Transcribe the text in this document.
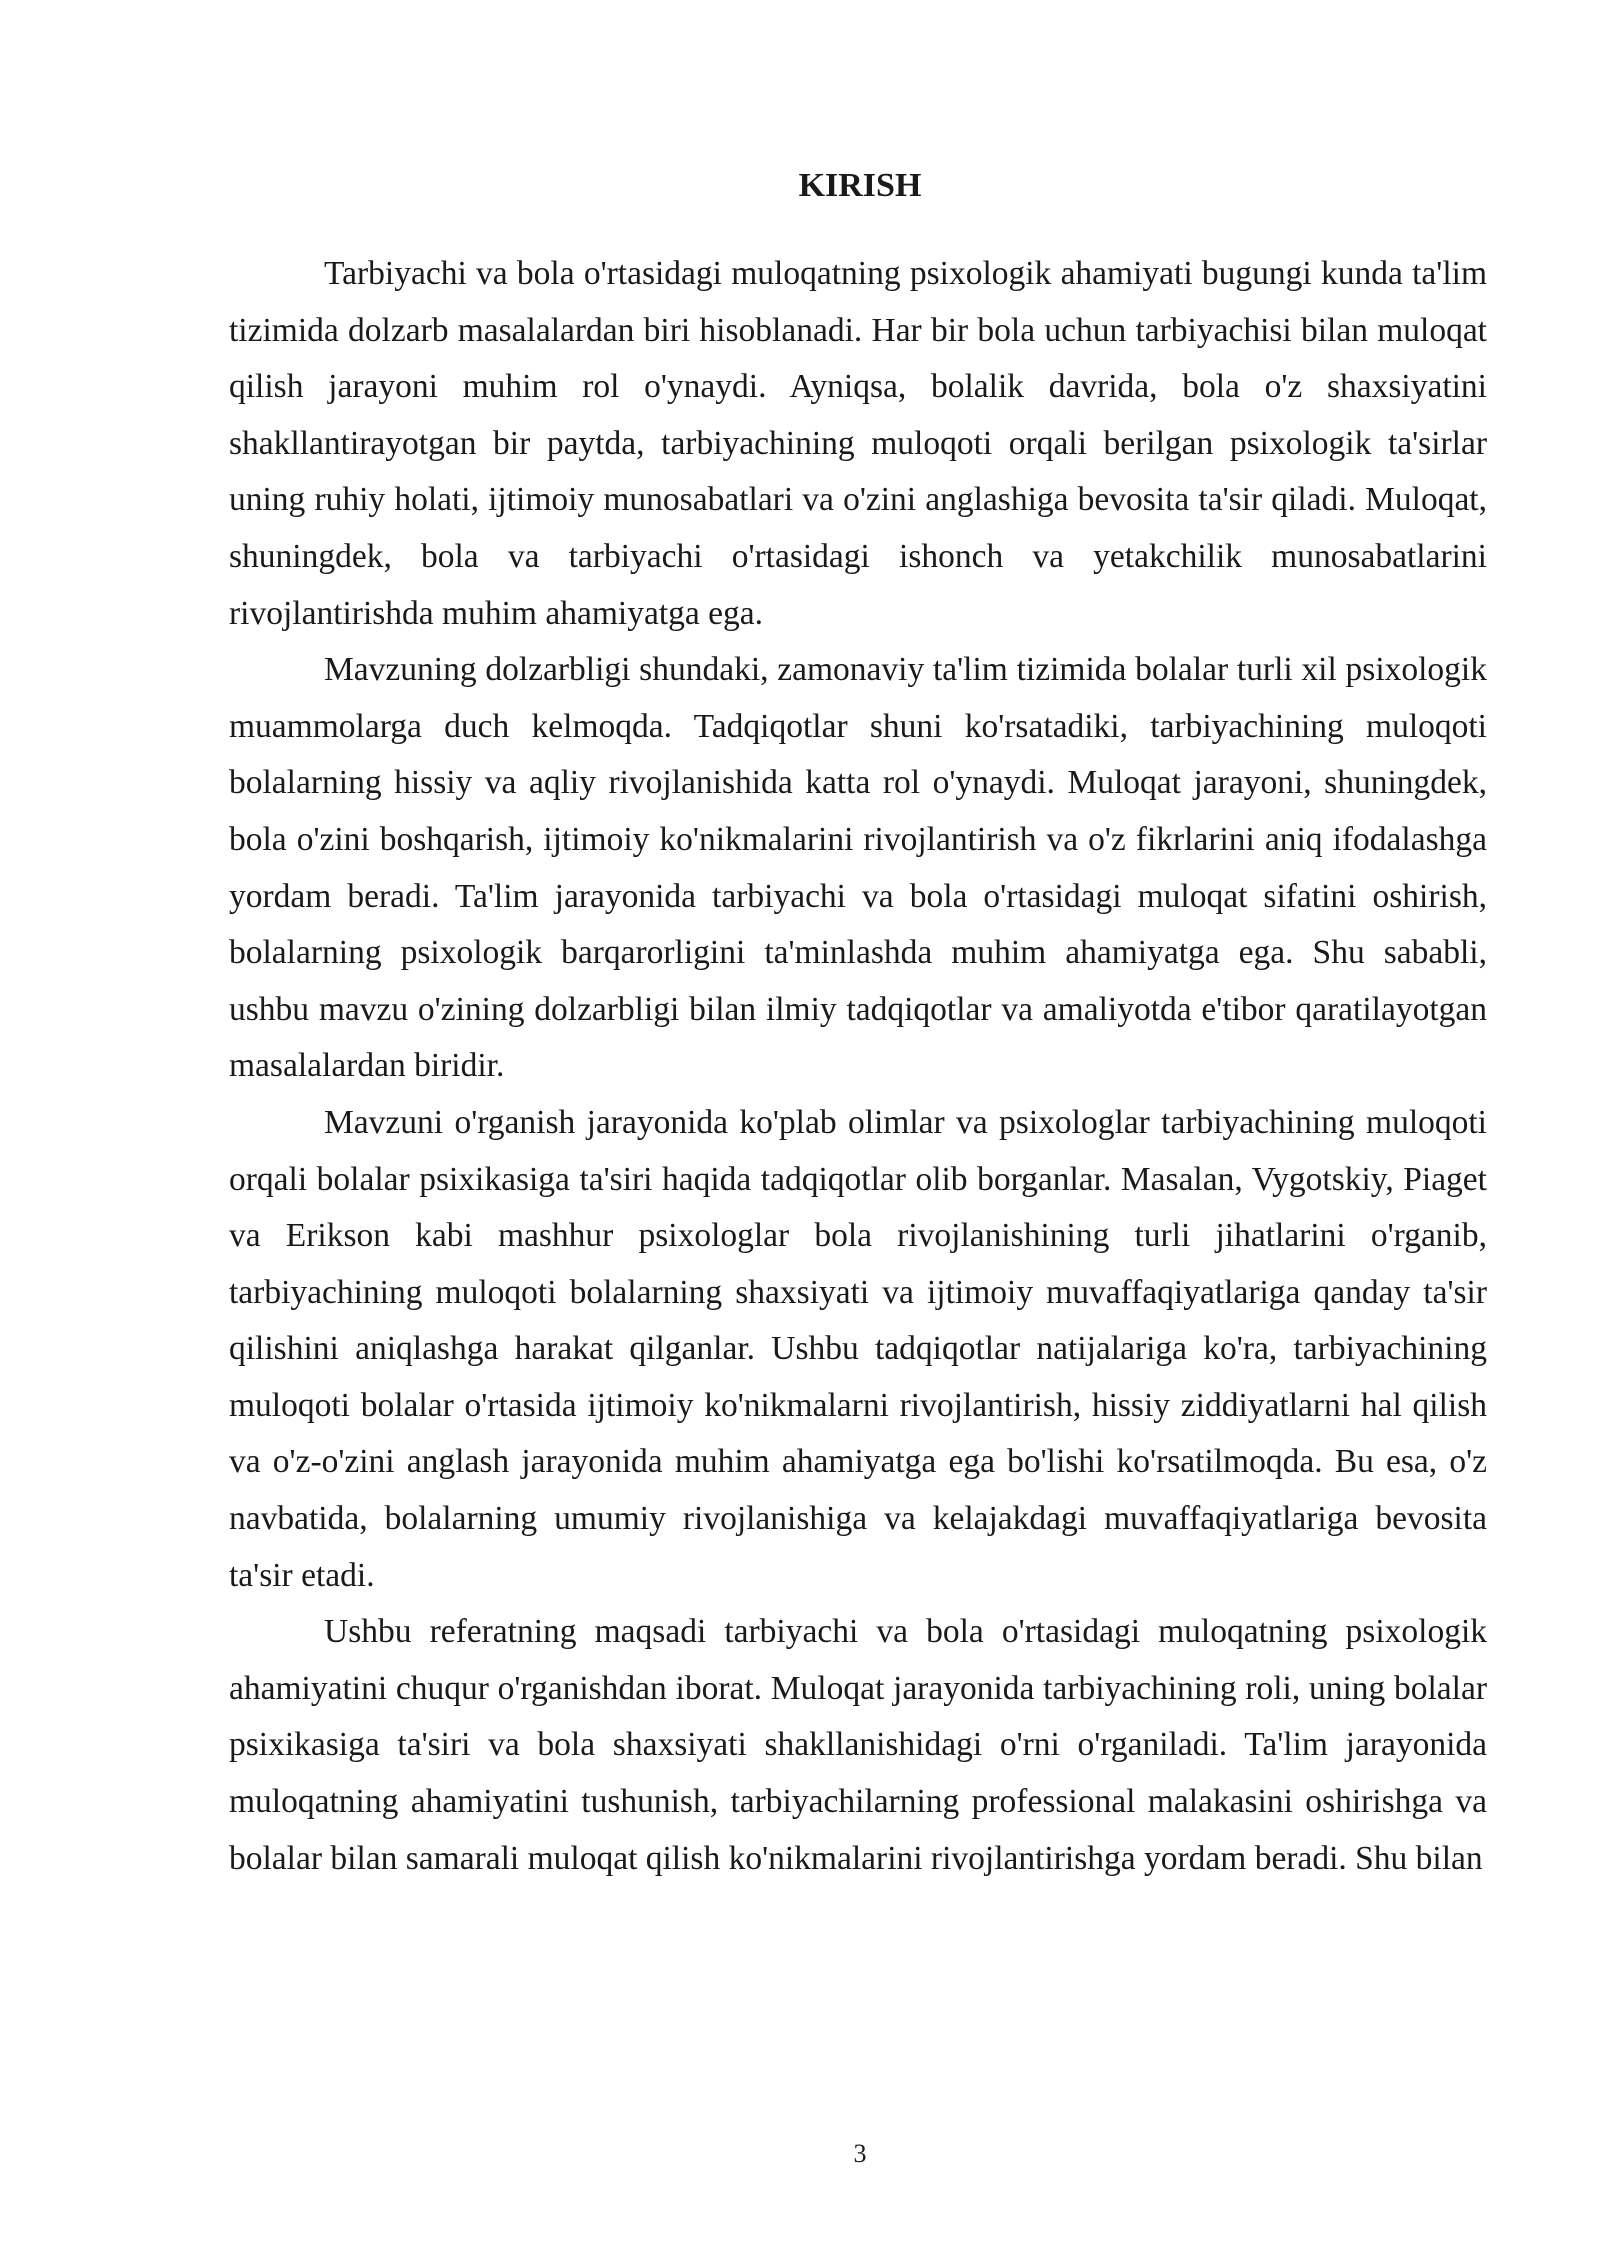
KIRISH

Tarbiyachi va bola o'rtasidagi muloqatning psixologik ahamiyati bugungi kunda ta'lim tizimida dolzarb masalalardan biri hisoblanadi. Har bir bola uchun tarbiyachisi bilan muloqat qilish jarayoni muhim rol o'ynaydi. Ayniqsa, bolalik davrida, bola o'z shaxsiyatini shakllantirayotgan bir paytda, tarbiyachining muloqoti orqali berilgan psixologik ta'sirlar uning ruhiy holati, ijtimoiy munosabatlari va o'zini anglashiga bevosita ta'sir qiladi. Muloqat, shuningdek, bola va tarbiyachi o'rtasidagi ishonch va yetakchilik munosabatlarini rivojlantirishda muhim ahamiyatga ega.

Mavzuning dolzarbligi shundaki, zamonaviy ta'lim tizimida bolalar turli xil psixologik muammolarga duch kelmoqda. Tadqiqotlar shuni ko'rsatadiki, tarbiyachining muloqoti bolalarning hissiy va aqliy rivojlanishida katta rol o'ynaydi. Muloqat jarayoni, shuningdek, bola o'zini boshqarish, ijtimoiy ko'nikmalarini rivojlantirish va o'z fikrlarini aniq ifodalashga yordam beradi. Ta'lim jarayonida tarbiyachi va bola o'rtasidagi muloqat sifatini oshirish, bolalarning psixologik barqarorligini ta'minlashda muhim ahamiyatga ega. Shu sababli, ushbu mavzu o'zining dolzarbligi bilan ilmiy tadqiqotlar va amaliyotda e'tibor qaratilayotgan masalalardan biridir.

Mavzuni o'rganish jarayonida ko'plab olimlar va psixologlar tarbiyachining muloqoti orqali bolalar psixikasiga ta'siri haqida tadqiqotlar olib borganlar. Masalan, Vygotskiy, Piaget va Erikson kabi mashhur psixologlar bola rivojlanishining turli jihatlarini o'rganib, tarbiyachining muloqoti bolalarning shaxsiyati va ijtimoiy muvaffaqiyatlariga qanday ta'sir qilishini aniqlashga harakat qilganlar. Ushbu tadqiqotlar natijalariga ko'ra, tarbiyachining muloqoti bolalar o'rtasida ijtimoiy ko'nikmalarni rivojlantirish, hissiy ziddiyatlarni hal qilish va o'z-o'zini anglash jarayonida muhim ahamiyatga ega bo'lishi ko'rsatilmoqda. Bu esa, o'z navbatida, bolalarning umumiy rivojlanishiga va kelajakdagi muvaffaqiyatlariga bevosita ta'sir etadi.

Ushbu referatning maqsadi tarbiyachi va bola o'rtasidagi muloqatning psixologik ahamiyatini chuqur o'rganishdan iborat. Muloqat jarayonida tarbiyachining roli, uning bolalar psixikasiga ta'siri va bola shaxsiyati shakllanishidagi o'rni o'rganiladi. Ta'lim jarayonida muloqatning ahamiyatini tushunish, tarbiyachilarning professional malakasini oshirishga va bolalar bilan samarali muloqat qilish ko'nikmalarini rivojlantirishga yordam beradi. Shu bilan

3
